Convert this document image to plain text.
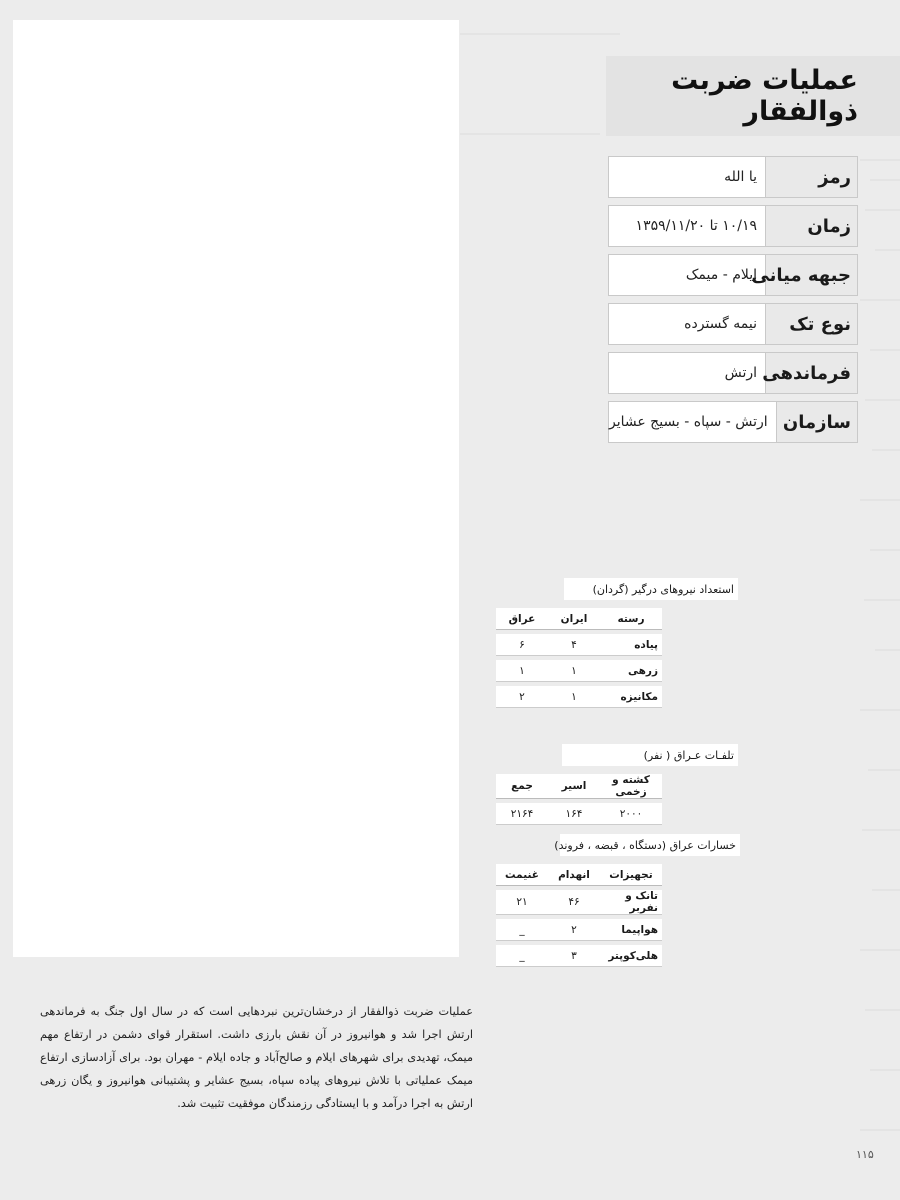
عملیات ضربت ذوالفقار
رمز
یا الله
زمان
۱۰/۱۹ تا ۱۳۵۹/۱۱/۲۰
جبهه میانی
ایلام - میمک
نوع تک
نیمه گسترده
فرماندهی
ارتش
سازمان
ارتش - سپاه - بسیج عشایر
استعداد نیروهای درگیر (گردان)
رسته	ایران	عراق
پیاده	۴	۶
زرهی	۱	۱
مکانیزه	۱	۲
تلفـات عـراق ( نفر)
کشته و زخمی	اسیر	جمع
۲۰۰۰	۱۶۴	۲۱۶۴
خسارات عراق (دستگاه ، قبضه ، فروند)
تجهیزات	انهدام	غنیمت
تانک و نفربر	۴۶	۲۱
هواپیما	۲	_
هلی‌کوپتر	۳	_

عملیات ضربت ذوالفقار از درخشان‌ترین نبردهایی است که در سال اول جنگ به فرماندهی ارتش اجرا شد و هوانیروز در آن نقش بارزی داشت. استقرار قوای دشمن در ارتفاع مهم میمک، تهدیدی برای شهرهای ایلام و صالح‌آباد و جاده ایلام - مهران بود. برای آزادسازی ارتفاع میمک عملیاتی با تلاش نیروهای پیاده سپاه، بسیج عشایر و پشتیبانی هوانیروز و یگان زرهی ارتش به اجرا درآمد و با ایستادگی رزمندگان موفقیت تثبیت شد.

۱۱۵
